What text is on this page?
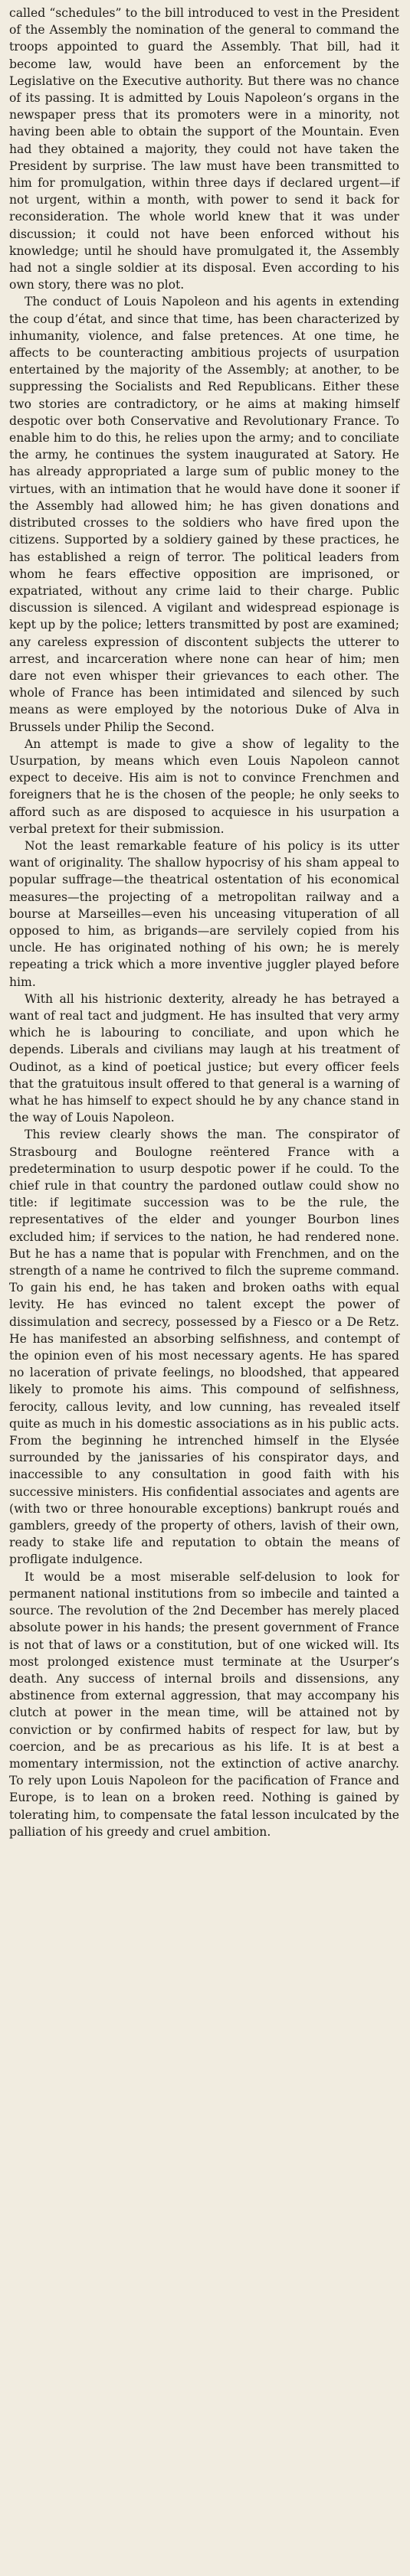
called “schedules” to the bill introduced to vest in the President of the Assembly the nomination of the general to command the troops appointed to guard the Assembly. That bill, had it become law, would have been an enforcement by the Legislative on the Executive authority. But there was no chance of its passing. It is admitted by Louis Napoleon’s organs in the newspaper press that its promoters were in a minority, not having been able to obtain the support of the Mountain. Even had they obtained a majority, they could not have taken the President by surprise. The law must have been transmitted to him for promulgation, within three days if declared urgent—if not urgent, within a month, with power to send it back for reconsideration. The whole world knew that it was under discussion; it could not have been enforced without his knowledge; until he should have promulgated it, the Assembly had not a single soldier at its disposal. Even according to his own story, there was no plot.

The conduct of Louis Napoleon and his agents in extending the coup d’état, and since that time, has been characterized by inhumanity, violence, and false pretences. At one time, he affects to be counteracting ambitious projects of usurpation entertained by the majority of the Assembly; at another, to be suppressing the Socialists and Red Republicans. Either these two stories are contradictory, or he aims at making himself despotic over both Conservative and Revolutionary France. To enable him to do this, he relies upon the army; and to conciliate the army, he continues the system inaugurated at Satory. He has already appropriated a large sum of public money to the virtues, with an intimation that he would have done it sooner if the Assembly had allowed him; he has given donations and distributed crosses to the soldiers who have fired upon the citizens. Supported by a soldiery gained by these practices, he has established a reign of terror. The political leaders from whom he fears effective opposition are imprisoned, or expatriated, without any crime laid to their charge. Public discussion is silenced. A vigilant and widespread espionage is kept up by the police; letters transmitted by post are examined; any careless expression of discontent subjects the utterer to arrest, and incarceration where none can hear of him; men dare not even whisper their grievances to each other. The whole of France has been intimidated and silenced by such means as were employed by the notorious Duke of Alva in Brussels under Philip the Second.

An attempt is made to give a show of legality to the Usurpation, by means which even Louis Napoleon cannot expect to deceive. His aim is not to convince Frenchmen and foreigners that he is the chosen of the people; he only seeks to afford such as are disposed to acquiesce in his usurpation a verbal pretext for their submission.

Not the least remarkable feature of his policy is its utter want of originality. The shallow hypocrisy of his sham appeal to popular suffrage—the theatrical ostentation of his economical measures—the projecting of a metropolitan railway and a bourse at Marseilles—even his unceasing vituperation of all opposed to him, as brigands—are servilely copied from his uncle. He has originated nothing of his own; he is merely repeating a trick which a more inventive juggler played before him.

With all his histrionic dexterity, already he has betrayed a want of real tact and judgment. He has insulted that very army which he is labouring to conciliate, and upon which he depends. Liberals and civilians may laugh at his treatment of Oudinot, as a kind of poetical justice; but every officer feels that the gratuitous insult offered to that general is a warning of what he has himself to expect should he by any chance stand in the way of Louis Napoleon.

This review clearly shows the man. The conspirator of Strasbourg and Boulogne reëntered France with a predetermination to usurp despotic power if he could. To the chief rule in that country the pardoned outlaw could show no title: if legitimate succession was to be the rule, the representatives of the elder and younger Bourbon lines excluded him; if services to the nation, he had rendered none. But he has a name that is popular with Frenchmen, and on the strength of a name he contrived to filch the supreme command. To gain his end, he has taken and broken oaths with equal levity. He has evinced no talent except the power of dissimulation and secrecy, possessed by a Fiesco or a De Retz. He has manifested an absorbing selfishness, and contempt of the opinion even of his most necessary agents. He has spared no laceration of private feelings, no bloodshed, that appeared likely to promote his aims. This compound of selfishness, ferocity, callous levity, and low cunning, has revealed itself quite as much in his domestic associations as in his public acts. From the beginning he intrenched himself in the Elysée surrounded by the janissaries of his conspirator days, and inaccessible to any consultation in good faith with his successive ministers. His confidential associates and agents are (with two or three honourable exceptions) bankrupt roués and gamblers, greedy of the property of others, lavish of their own, ready to stake life and reputation to obtain the means of profligate indulgence.

It would be a most miserable self-delusion to look for permanent national institutions from so imbecile and tainted a source. The revolution of the 2nd December has merely placed absolute power in his hands; the present government of France is not that of laws or a constitution, but of one wicked will. Its most prolonged existence must terminate at the Usurper’s death. Any success of internal broils and dissensions, any abstinence from external aggression, that may accompany his clutch at power in the mean time, will be attained not by conviction or by confirmed habits of respect for law, but by coercion, and be as precarious as his life. It is at best a momentary intermission, not the extinction of active anarchy. To rely upon Louis Napoleon for the pacification of France and Europe, is to lean on a broken reed. Nothing is gained by tolerating him, to compensate the fatal lesson inculcated by the palliation of his greedy and cruel ambition.
